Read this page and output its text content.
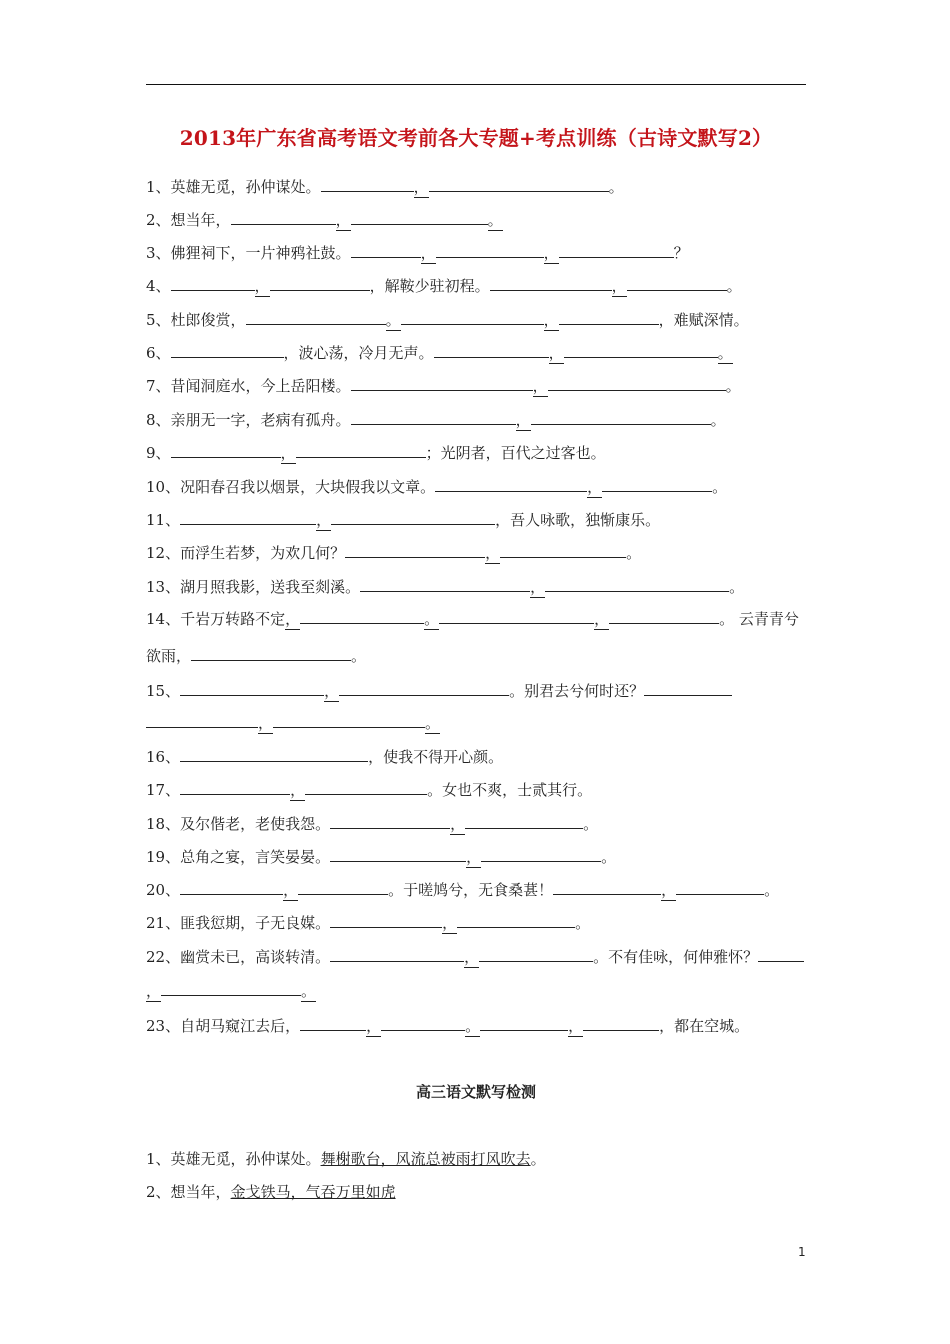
2013年广东省高考语文考前各大专题+考点训练（古诗文默写2）
1、英雄无觅，孙仲谋处。	，	。
2、想当年，	，	。
3、佛狸祠下，一片神鸦社鼓。	，	，	？
4、	，	，解鞍少驻初程。	，	。
5、杜郎俊赏，	。	，	，难赋深情。
6、	，波心荡，冷月无声。	，	。
7、昔闻洞庭水，今上岳阳楼。	，	。
8、亲朋无一字，老病有孤舟。	，	。
9、	，	；光阴者，百代之过客也。
10、况阳春召我以烟景，大块假我以文章。	，	。
11、	，	，吾人咏歌，独惭康乐。
12、而浮生若梦，为欢几何？	，	。
13、湖月照我影，送我至剡溪。	，	。
14、千岩万转路不定，	。	，	。 云青青兮
欲雨，	。
15、	，	。别君去兮何时还？
，	。
16、	，使我不得开心颜。
17、	，	。女也不爽，士贰其行。
18、及尔偕老，老使我怨。	，	。
19、总角之宴，言笑晏晏。	，	。
20、	，	。于嗟鸠兮，无食桑葚！	，	。
21、匪我愆期，子无良媒。	，	。
22、幽赏未已，高谈转清。	，	。不有佳咏，何伸雅怀？
，	。
23、自胡马窥江去后，	，	。	，	，都在空城。
高三语文默写检测
1、英雄无觅，孙仲谋处。舞榭歌台，风流总被雨打风吹去。
2、想当年，金戈铁马，气吞万里如虎
1
